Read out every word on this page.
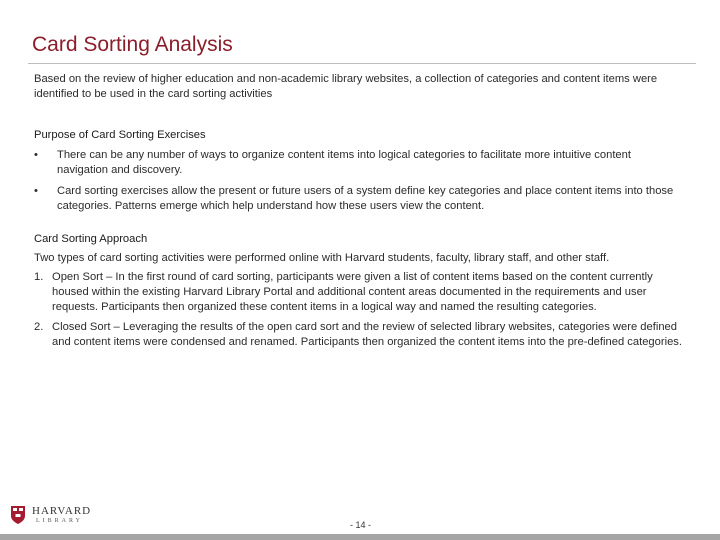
Card Sorting Analysis

Based on the review of higher education and non-academic library websites, a collection of categories and content items were identified to be used in the card sorting activities

Purpose of Card Sorting Exercises

• There can be any number of ways to organize content items into logical categories to facilitate more intuitive content navigation and discovery.
• Card sorting exercises allow the present or future users of a system define key categories and place content items into those categories. Patterns emerge which help understand how these users view the content.

Card Sorting Approach

Two types of card sorting activities were performed online with Harvard students, faculty, library staff, and other staff.

1. Open Sort – In the first round of card sorting, participants were given a list of content items based on the content currently housed within the existing Harvard Library Portal and additional content areas documented in the requirements and user requests. Participants then organized these content items in a logical way and named the resulting categories.
2. Closed Sort – Leveraging the results of the open card sort and the review of selected library websites, categories were defined and content items were condensed and renamed. Participants then organized the content items into the pre-defined categories.
HARVARD
LIBRARY	- 14 -
